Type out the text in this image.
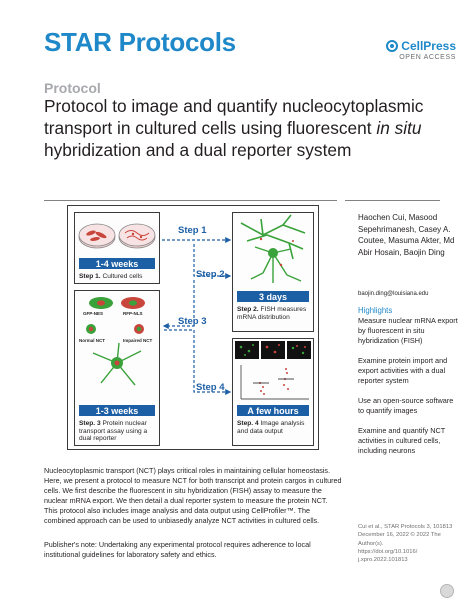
STAR Protocols	CellPress
OPEN ACCESS
Protocol
Protocol to image and quantify nucleocytoplasmic transport in cultured cells using fluorescent in situ hybridization and a dual reporter system
1-4 weeks
Step 1. Cultured cells
3 days
Step 2. FISH measures mRNA distribution
GFP-NES	RFP-NLS
Normal NCT	Impaired NCT
1-3 weeks
Step. 3 Protein nuclear transport assay using a dual reporter
A few hours
Step. 4 Image analysis and data output
Step 1
Step 2
Step 3
Step 4
Haochen Cui, Masood Sepehrimanesh, Casey A. Coutee, Masuma Akter, Md Abir Hosain, Baojin Ding
baojin.ding@louisiana.edu
Highlights

Measure nuclear mRNA export by fluorescent in situ hybridization (FISH)

Examine protein import and export activities with a dual reporter system

Use an open-source software to quantify images

Examine and quantify NCT activities in cultured cells, including neurons

Nucleocytoplasmic transport (NCT) plays critical roles in maintaining cellular homeostasis. Here, we present a protocol to measure NCT for both transcript and protein cargos in cultured cells. We first describe the fluorescent in situ hybridization (FISH) assay to measure the nuclear mRNA export. We then detail a dual reporter system to measure the protein NCT. This protocol also includes image analysis and data output using CellProfiler™. The combined approach can be used to unbiasedly analyze NCT activities in cultured cells.
Publisher's note: Undertaking any experimental protocol requires adherence to local institutional guidelines for laboratory safety and ethics.
Cui et al., STAR Protocols 3, 101813
December 16, 2022 © 2022 The Author(s).
https://doi.org/10.1016/
j.xpro.2022.101813
